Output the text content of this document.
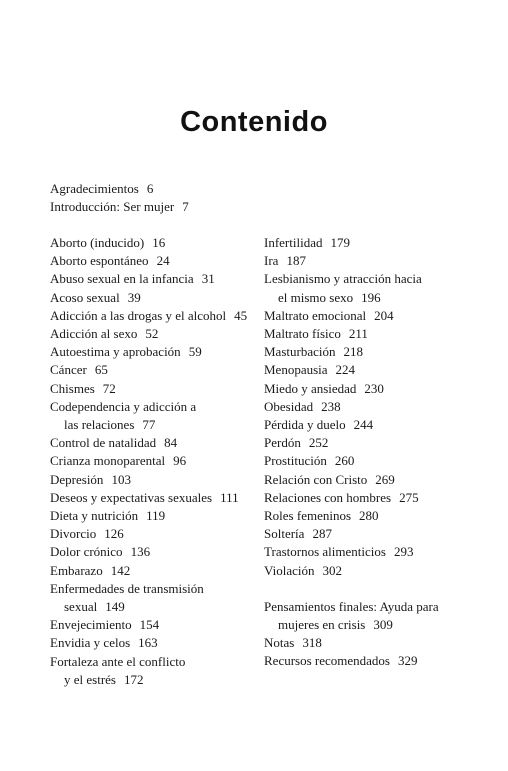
Contenido
Agradecimientos 6
Introducción: Ser mujer 7
Aborto (inducido) 16
Aborto espontáneo 24
Abuso sexual en la infancia 31
Acoso sexual 39
Adicción a las drogas y el alcohol 45
Adicción al sexo 52
Autoestima y aprobación 59
Cáncer 65
Chismes 72
Codependencia y adicción a
las relaciones 77
Control de natalidad 84
Crianza monoparental 96
Depresión 103
Deseos y expectativas sexuales 111
Dieta y nutrición 119
Divorcio 126
Dolor crónico 136
Embarazo 142
Enfermedades de transmisión
sexual 149
Envejecimiento 154
Envidia y celos 163
Fortaleza ante el conflicto
y el estrés 172
Infertilidad 179
Ira 187
Lesbianismo y atracción hacia
el mismo sexo 196
Maltrato emocional 204
Maltrato físico 211
Masturbación 218
Menopausia 224
Miedo y ansiedad 230
Obesidad 238
Pérdida y duelo 244
Perdón 252
Prostitución 260
Relación con Cristo 269
Relaciones con hombres 275
Roles femeninos 280
Soltería 287
Trastornos alimenticios 293
Violación 302
Pensamientos finales: Ayuda para
mujeres en crisis 309
Notas 318
Recursos recomendados 329
